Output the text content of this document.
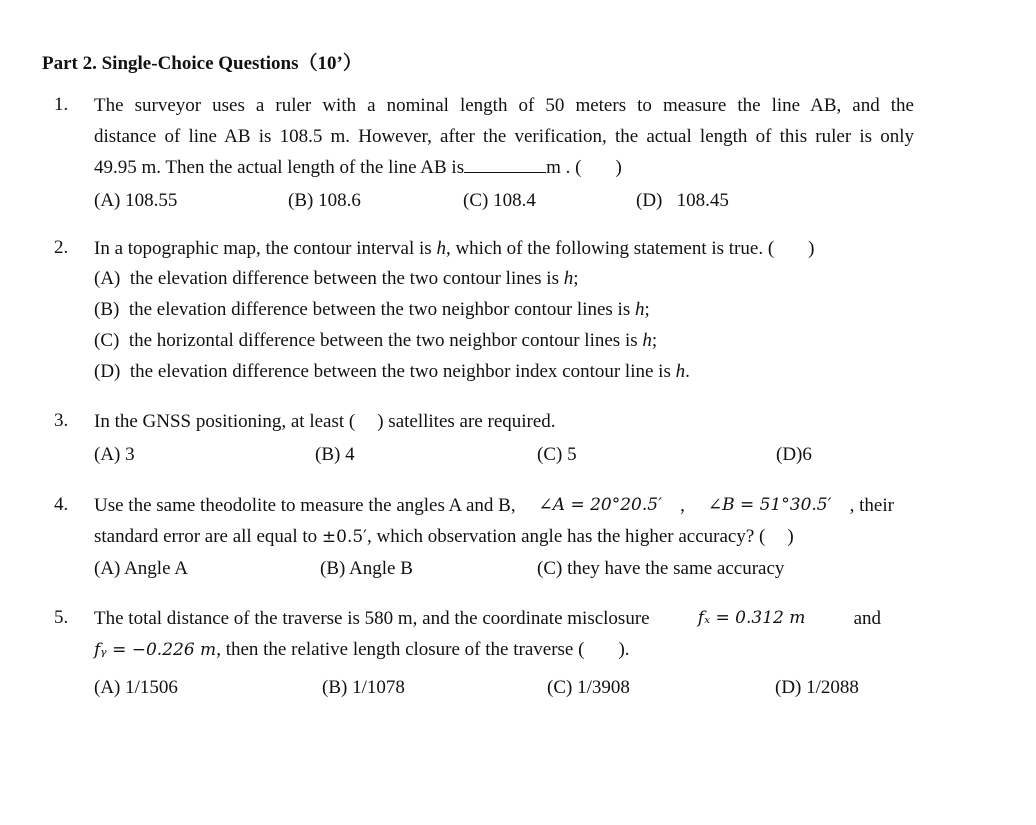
Part 2. Single-Choice Questions（10’）
1. The surveyor uses a ruler with a nominal length of 50 meters to measure the line AB, and the
distance of line AB is 108.5 m. However, after the verification, the actual length of this ruler is only
49.95 m. Then the actual length of the line AB is	m . ( )
(A) 108.55	(B) 108.6	(C) 108.4	(D)   108.45
2. In a topographic map, the contour interval is h, which of the following statement is true. ( )
(A)  the elevation difference between the two contour lines is h;
(B)  the elevation difference between the two neighbor contour lines is h;
(C)  the horizontal difference between the two neighbor contour lines is h;
(D)  the elevation difference between the two neighbor index contour line is h.
3. In the GNSS positioning, at least ( ) satellites are required.
(A) 3	(B) 4	(C) 5	(D)6
4. Use the same theodolite to measure the angles A and B, ∠A = 20°20.5′ , ∠B = 51°30.5′ , their
standard error are all equal to ±0.5′, which observation angle has the higher accuracy? ( )
(A) Angle A	(B) Angle B	(C) they have the same accuracy
5. The total distance of the traverse is 580 m, and the coordinate misclosure	fₓ = 0.312 m	and
fᵧ = −0.226 m, then the relative length closure of the traverse ( ).
(A) 1/1506	(B) 1/1078	(C) 1/3908	(D) 1/2088
